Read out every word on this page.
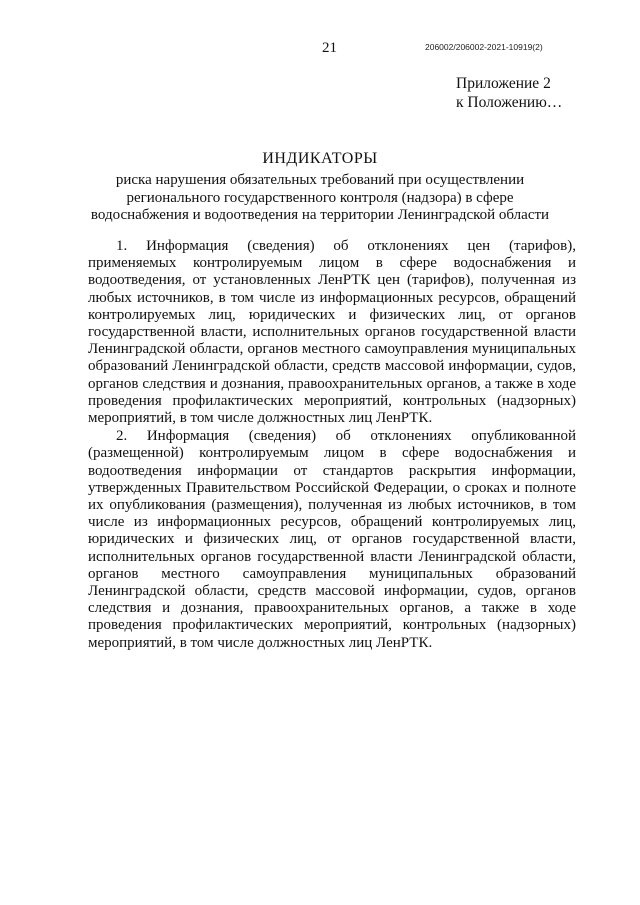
21	206002/206002-2021-10919(2)
Приложение 2
к Положению…
ИНДИКАТОРЫ
риска нарушения обязательных требований при осуществлении
регионального государственного контроля (надзора) в сфере
водоснабжения и водоотведения на территории Ленинградской области

1. Информация (сведения) об отклонениях цен (тарифов), применяемых контролируемым лицом в сфере водоснабжения и водоотведения, от установленных ЛенРТК цен (тарифов), полученная из любых источников, в том числе из информационных ресурсов, обращений контролируемых лиц, юридических и физических лиц, от органов государственной власти, исполнительных органов государственной власти Ленинградской области, органов местного самоуправления муниципальных образований Ленинградской области, средств массовой информации, судов, органов следствия и дознания, правоохранительных органов, а также в ходе проведения профилактических мероприятий, контрольных (надзорных) мероприятий, в том числе должностных лиц ЛенРТК.

2. Информация (сведения) об отклонениях опубликованной (размещенной) контролируемым лицом в сфере водоснабжения и водоотведения информации от стандартов раскрытия информации, утвержденных Правительством Российской Федерации, о сроках и полноте их опубликования (размещения), полученная из любых источников, в том числе из информационных ресурсов, обращений контролируемых лиц, юридических и физических лиц, от органов государственной власти, исполнительных органов государственной власти Ленинградской области, органов местного самоуправления муниципальных образований Ленинградской области, средств массовой информации, судов, органов следствия и дознания, правоохранительных органов, а также в ходе проведения профилактических мероприятий, контрольных (надзорных) мероприятий, в том числе должностных лиц ЛенРТК.
